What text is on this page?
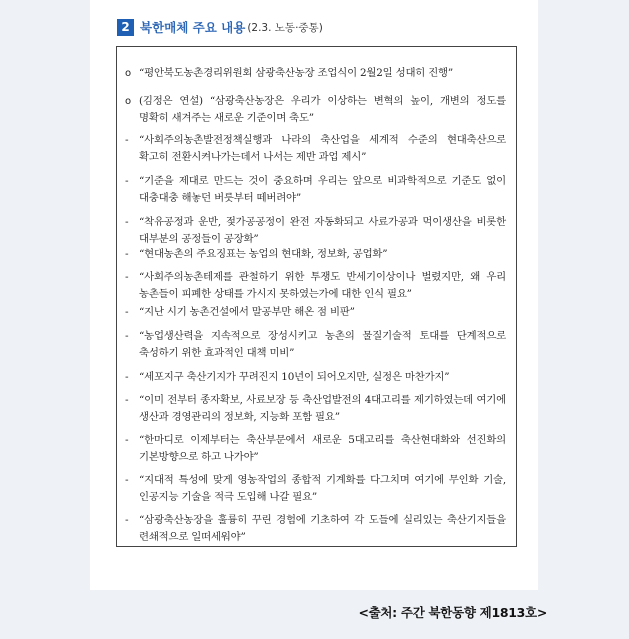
2 북한매체 주요 내용 (2.3. 노동·중통)
o “평안북도농촌경리위원회 삼광축산농장 조업식이 2월2일 성대히 진행”
o (김정은 연설) “삼광축산농장은 우리가 이상하는 변혁의 높이, 개변의 정도를 명확히 새겨주는 새로운 기준이며 축도”
-	“사회주의농촌발전정책실행과 나라의 축산업을 세계적 수준의 현대축산으로 확고히 전환시켜나가는데서 나서는 제반 과업 제시”
-	“기준을 제대로 만드는 것이 중요하며 우리는 앞으로 비과학적으로 기준도 없이 대충대충 해놓던 버릇부터 떼버려야”
-	“착유공정과 운반, 젖가공공정이 완전 자동화되고 사료가공과 먹이생산을 비롯한 대부분의 공정들이 공장화”
-	“현대농촌의 주요징표는 농업의 현대화, 정보화, 공업화”
-	“사회주의농촌테제를 관철하기 위한 투쟁도 반세기이상이나 벌렸지만, 왜 우리 농촌들이 피폐한 상태를 가시지 못하였는가에 대한 인식 필요”
-	“지난 시기 농촌건설에서 말공부만 해온 점 비판”
-	“농업생산력을 지속적으로 장성시키고 농촌의 물질기술적 토대를 단계적으로 축성하기 위한 효과적인 대책 미비”
-	“세포지구 축산기지가 꾸려진지 10년이 되어오지만, 실정은 마찬가지”
-	“이미 전부터 종자확보, 사료보장 등 축산업발전의 4대고리를 제기하였는데 여기에 생산과 경영관리의 정보화, 지능화 포함 필요”
-	“한마디로 이제부터는 축산부문에서 새로운 5대고리를 축산현대화와 선진화의 기본방향으로 하고 나가야”
-	“지대적 특성에 맞게 영농작업의 종합적 기계화를 다그치며 여기에 무인화 기술, 인공지능 기술을 적극 도입해 나갈 필요”
-	“삼광축산농장을 훌륭히 꾸린 경험에 기초하여 각 도들에 실리있는 축산기지들을 련쇄적으로 일떠세워야”
<출처: 주간 북한동향 제1813호>
